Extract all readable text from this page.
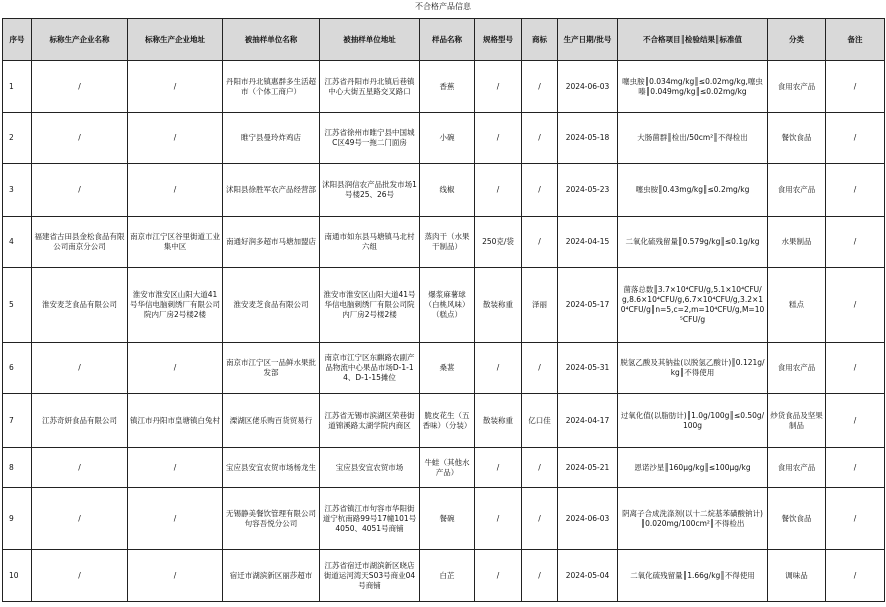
不合格产品信息
序号	标称生产企业名称	标称生产企业地址	被抽样单位名称	被抽样单位地址	样品名称	规格型号	商标	生产日期/批号	不合格项目║检验结果║标准值	分类	备注
1	/	/	丹阳市丹北镇惠群多生活超市（个体工商户）	江苏省丹阳市丹北镇后巷镇中心大街五星路交叉路口	香蕉	/	/	2024-06-03	噻虫胺║0.034mg/kg║≤0.02mg/kg,噻虫嗪║0.049mg/kg║≤0.02mg/kg	食用农产品	/
2	/	/	睢宁县曼玲炸鸡店	江苏省徐州市睢宁县中国城C区49号一拖二门面房	小碗	/	/	2024-05-18	大肠菌群║检出/50cm²║不得检出	餐饮食品	/
3	/	/	沭阳县徐胜军农产品经营部	沭阳县润信农产品批发市场1号楼25、26号	线椒	/	/	2024-05-23	噻虫胺║0.43mg/kg║≤0.2mg/kg	食用农产品	/
4	福建省古田县金松食品有限公司南京分公司	南京市江宁区谷里街道工业集中区	南通好润多超市马塘加盟店	南通市如东县马塘镇马北村六组	蒸肉干（水果干制品）	250克/袋	/	2024-04-15	二氧化硫残留量║0.579g/kg║≤0.1g/kg	水果制品	/
5	淮安麦芝食品有限公司	淮安市淮安区山阳大道41号华信电脑刺绣厂有限公司院内厂房2号楼2楼	淮安麦芝食品有限公司	淮安市淮安区山阳大道41号华信电脑刺绣厂有限公司院内厂房2号楼2楼	爆浆麻薯球（白桃风味）（糕点）	散装称重	泽丽	2024-05-17	菌落总数║3.7×10⁴CFU/g,5.1×10⁴CFU/g,8.6×10⁴CFU/g,6.7×10⁴CFU/g,3.2×10⁴CFU/g║n=5,c=2,m=10⁴CFU/g,M=10⁵CFU/g	糕点	/
6	/	/	南京市江宁区一品鲜水果批发部	南京市江宁区东麒路农副产品物流中心果品市场D-1-14、D-1-15摊位	桑葚	/	/	2024-05-31	脱氢乙酸及其钠盐(以脱氢乙酸计)║0.121g/kg║不得使用	食用农产品	/
7	江苏奇妍食品有限公司	镇江市丹阳市皇塘镇白兔村	溧湖区佬乐购百货贸易行	江苏省无锡市滨湖区荣巷街道锦溪路太湖学院内商区	脆皮花生（五香味）（分装）	散装称重	亿口佳	2024-04-17	过氧化值(以脂肪计)║1.0g/100g║≤0.50g/100g	炒货食品及坚果制品	/
8	/	/	宝应县安宜农贸市场杨龙生	宝应县安宜农贸市场	牛蛙（其他水产品）	/	/	2024-05-21	恩诺沙星║160μg/kg║≤100μg/kg	食用农产品	/
9	/	/	无锡静美餐饮管理有限公司句容吾悦分公司	江苏省镇江市句容市华阳街道宁杭南路99号17幢101号4050、4051号商铺	餐碗	/	/	2024-06-03	阴离子合成洗涤剂(以十二烷基苯磺酸钠计)║0.020mg/100cm²║不得检出	餐饮食品	/
10	/	/	宿迁市湖滨新区丽莎超市	江苏省宿迁市湖滨新区晓店街道运河湾天S03号商业04号商铺	白芷	/	/	2024-05-04	二氧化硫残留量║1.66g/kg║不得使用	调味品	/
